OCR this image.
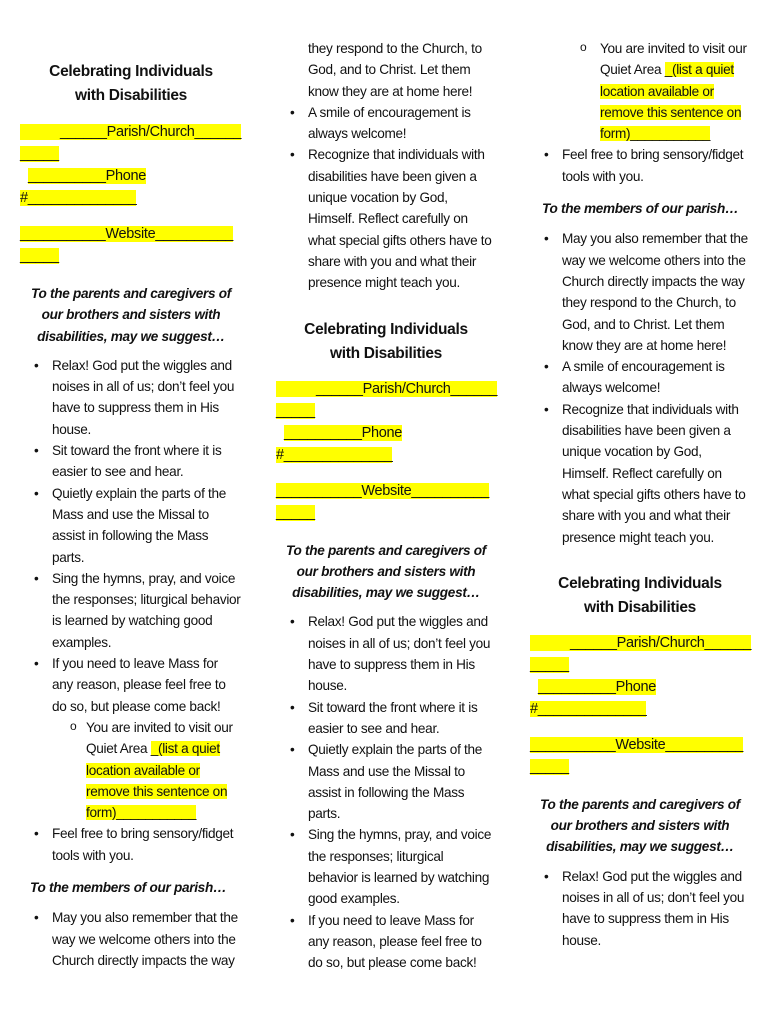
Celebrating Individuals with Disabilities
______Parish/Church______
_____
__________Phone
#______________
___________Website__________
_____
To the parents and caregivers of our brothers and sisters with disabilities, may we suggest…
• Relax! God put the wiggles and noises in all of us; don’t feel you have to suppress them in His house.
• Sit toward the front where it is easier to see and hear.
• Quietly explain the parts of the Mass and use the Missal to assist in following the Mass parts.
• Sing the hymns, pray, and voice the responses; liturgical behavior is learned by watching good examples.
• If you need to leave Mass for any reason, please feel free to do so, but please come back!
o You are invited to visit our Quiet Area _(list a quiet location available or remove this sentence on form)___________
• Feel free to bring sensory/fidget tools with you.
To the members of our parish…
• May you also remember that the way we welcome others into the Church directly impacts the way
they respond to the Church, to God, and to Christ. Let them know they are at home here!
• A smile of encouragement is always welcome!
• Recognize that individuals with disabilities have been given a unique vocation by God, Himself. Reflect carefully on what special gifts others have to share with you and what their presence might teach you.
Celebrating Individuals with Disabilities
______Parish/Church______
_____
__________Phone
#______________
___________Website__________
_____
To the parents and caregivers of our brothers and sisters with disabilities, may we suggest…
• Relax! God put the wiggles and noises in all of us; don’t feel you have to suppress them in His house.
• Sit toward the front where it is easier to see and hear.
• Quietly explain the parts of the Mass and use the Missal to assist in following the Mass parts.
• Sing the hymns, pray, and voice the responses; liturgical behavior is learned by watching good examples.
• If you need to leave Mass for any reason, please feel free to do so, but please come back!
o You are invited to visit our Quiet Area _(list a quiet location available or remove this sentence on form)___________
• Feel free to bring sensory/fidget tools with you.
To the members of our parish…
• May you also remember that the way we welcome others into the Church directly impacts the way they respond to the Church, to God, and to Christ. Let them know they are at home here!
• A smile of encouragement is always welcome!
• Recognize that individuals with disabilities have been given a unique vocation by God, Himself. Reflect carefully on what special gifts others have to share with you and what their presence might teach you.
Celebrating Individuals with Disabilities
______Parish/Church______
_____
__________Phone
#______________
___________Website__________
_____
To the parents and caregivers of our brothers and sisters with disabilities, may we suggest…
• Relax! God put the wiggles and noises in all of us; don’t feel you have to suppress them in His house.
